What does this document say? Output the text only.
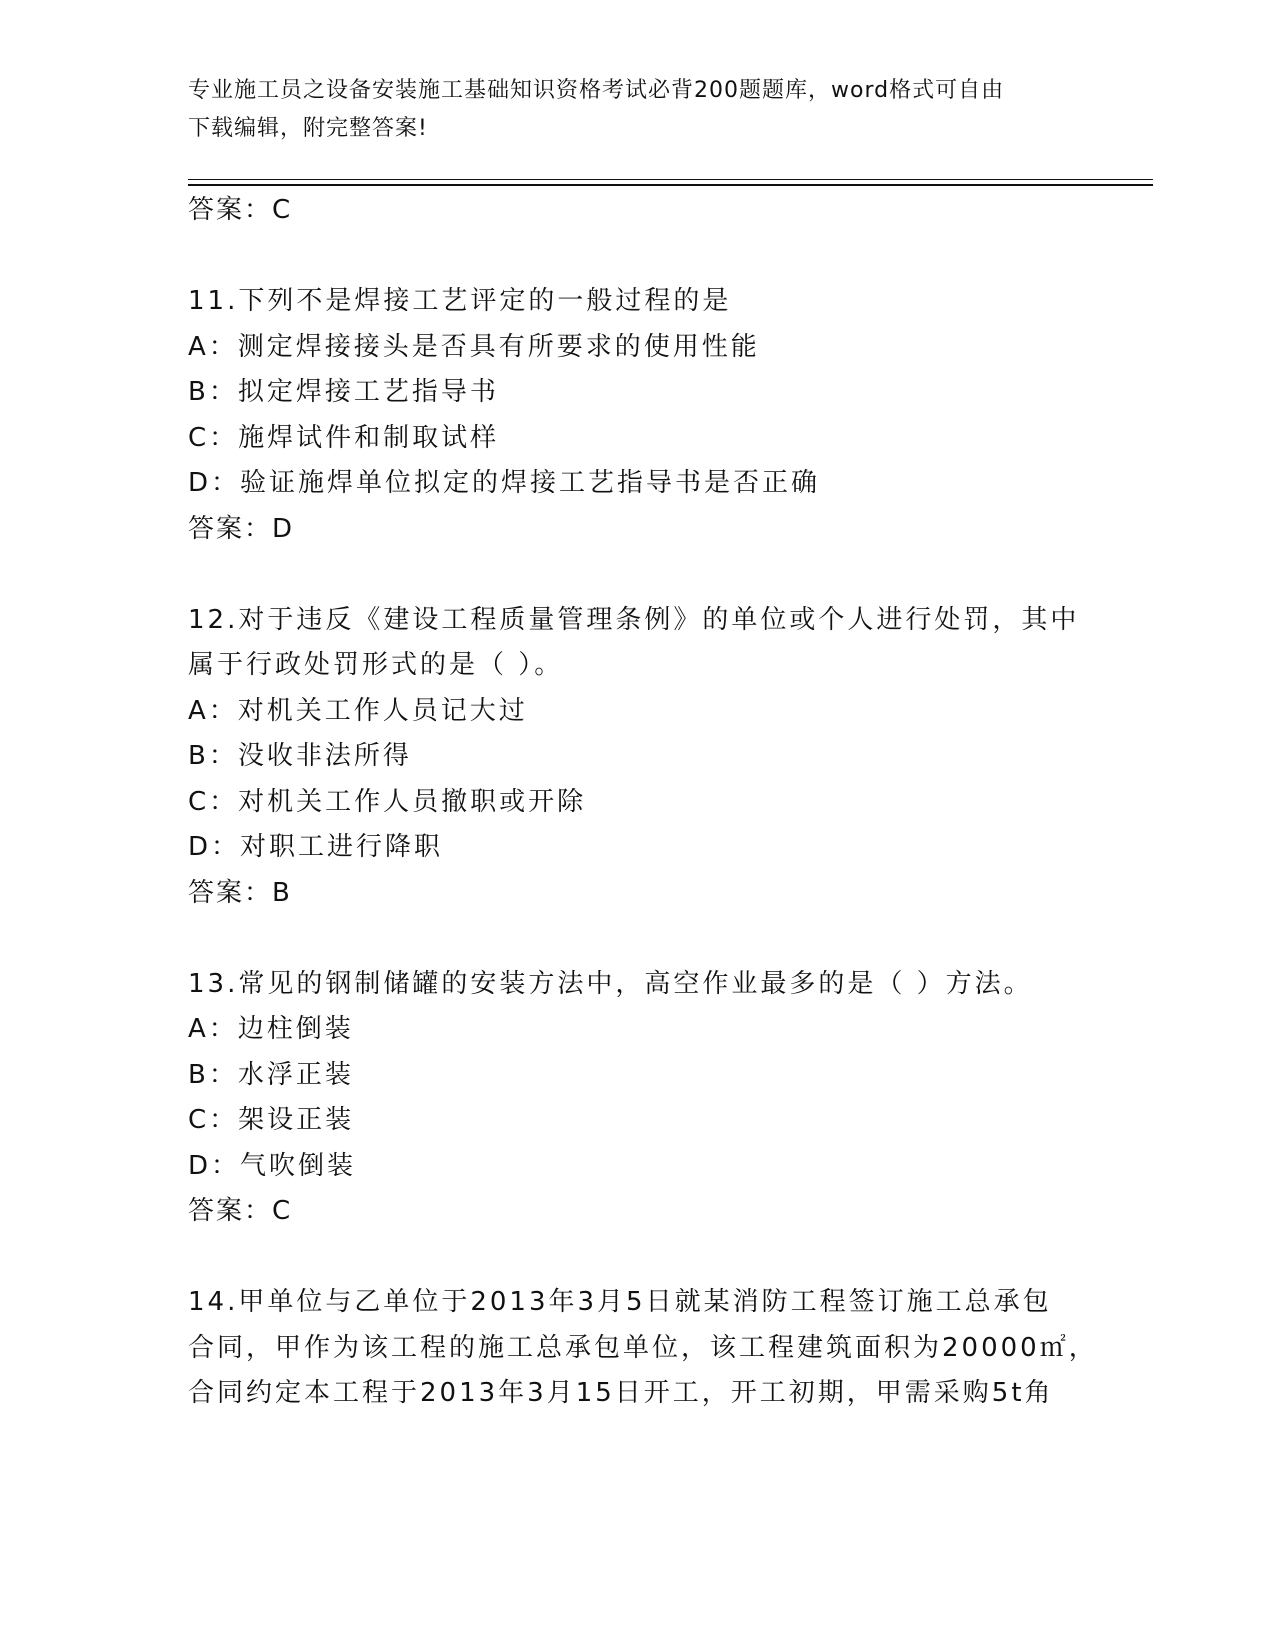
专业施工员之设备安装施工基础知识资格考试必背200题题库，word格式可自由
下载编辑，附完整答案!
答案：C
11.下列不是焊接工艺评定的一般过程的是
A：测定焊接接头是否具有所要求的使用性能
B：拟定焊接工艺指导书
C：施焊试件和制取试样
D：验证施焊单位拟定的焊接工艺指导书是否正确
答案：D
12.对于违反《建设工程质量管理条例》的单位或个人进行处罚，其中
属于行政处罚形式的是（ ）。
A：对机关工作人员记大过
B：没收非法所得
C：对机关工作人员撤职或开除
D：对职工进行降职
答案：B
13.常见的钢制储罐的安装方法中，高空作业最多的是（ ）方法。
A：边柱倒装
B：水浮正装
C：架设正装
D：气吹倒装
答案：C
14.甲单位与乙单位于2013年3月5日就某消防工程签订施工总承包
合同，甲作为该工程的施工总承包单位，该工程建筑面积为20000㎡，
合同约定本工程于2013年3月15日开工，开工初期，甲需采购5t角
